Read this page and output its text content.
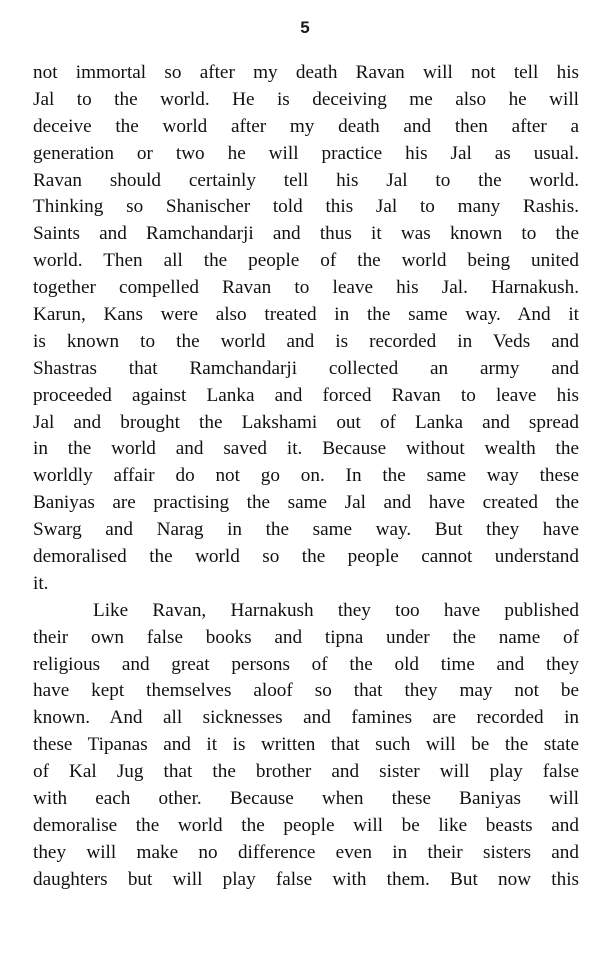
5
not immortal so after my death Ravan will not tell his
Jal to the world. He is deceiving me also he will
deceive the world after my death and then after a
generation or two he will practice his Jal as usual.
Ravan should certainly tell his Jal to the world.
Thinking so Shanischer told this Jal to many Rashis.
Saints and Ramchandarji and thus it was known to the
world. Then all the people of the world being united
together compelled Ravan to leave his Jal. Harnakush.
Karun, Kans were also treated in the same way. And it
is known to the world and is recorded in Veds and
Shastras that Ramchandarji collected an army and
proceeded against Lanka and forced Ravan to leave his
Jal and brought the Lakshami out of Lanka and spread
in the world and saved it. Because without wealth the
worldly affair do not go on. In the same way these
Baniyas are practising the same Jal and have created the
Swarg and Narag in the same way. But they have
demoralised the world so the people cannot understand
it.
Like Ravan, Harnakush they too have published
their own false books and tipna under the name of
religious and great persons of the old time and they
have kept themselves aloof so that they may not be
known. And all sicknesses and famines are recorded in
these Tipanas and it is written that such will be the state
of Kal Jug that the brother and sister will play false
with each other. Because when these Baniyas will
demoralise the world the people will be like beasts and
they will make no difference even in their sisters and
daughters but will play false with them. But now this
